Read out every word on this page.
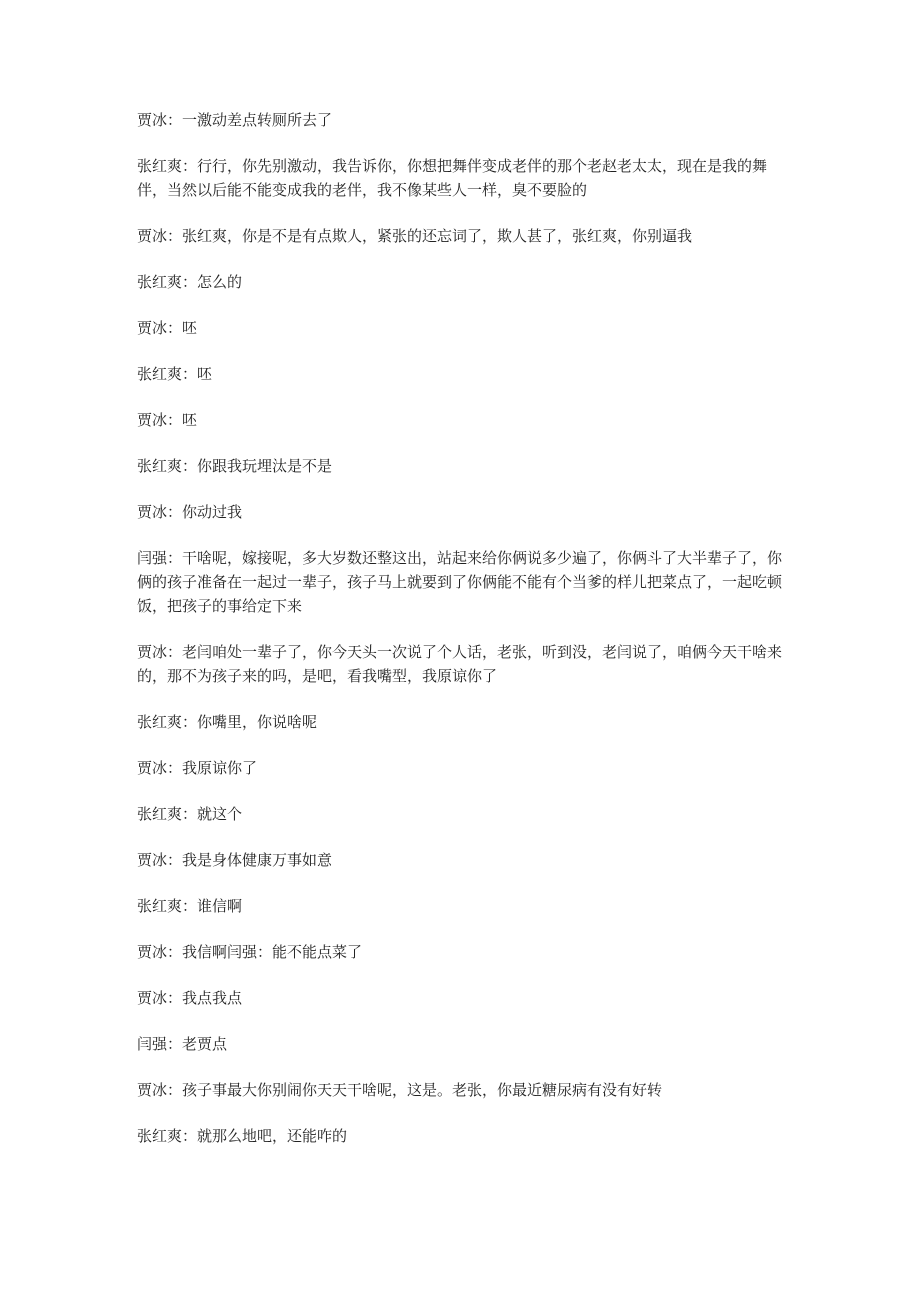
贾冰：一激动差点转厕所去了
张红爽：行行，你先别激动，我告诉你，你想把舞伴变成老伴的那个老赵老太太，现在是我的舞伴，当然以后能不能变成我的老伴，我不像某些人一样，臭不要脸的
贾冰：张红爽，你是不是有点欺人，紧张的还忘词了，欺人甚了，张红爽，你别逼我
张红爽：怎么的
贾冰：呸
张红爽：呸
贾冰：呸
张红爽：你跟我玩埋汰是不是
贾冰：你动过我
闫强：干啥呢，嫁接呢，多大岁数还整这出，站起来给你俩说多少遍了，你俩斗了大半辈子了，你俩的孩子准备在一起过一辈子，孩子马上就要到了你俩能不能有个当爹的样儿把菜点了，一起吃顿饭，把孩子的事给定下来
贾冰：老闫咱处一辈子了，你今天头一次说了个人话，老张，听到没，老闫说了，咱俩今天干啥来的，那不为孩子来的吗，是吧，看我嘴型，我原谅你了
张红爽：你嘴里，你说啥呢
贾冰：我原谅你了
张红爽：就这个
贾冰：我是身体健康万事如意
张红爽：谁信啊
贾冰：我信啊闫强：能不能点菜了
贾冰：我点我点
闫强：老贾点
贾冰：孩子事最大你别闹你天天干啥呢，这是。老张，你最近糖尿病有没有好转
张红爽：就那么地吧，还能咋的
